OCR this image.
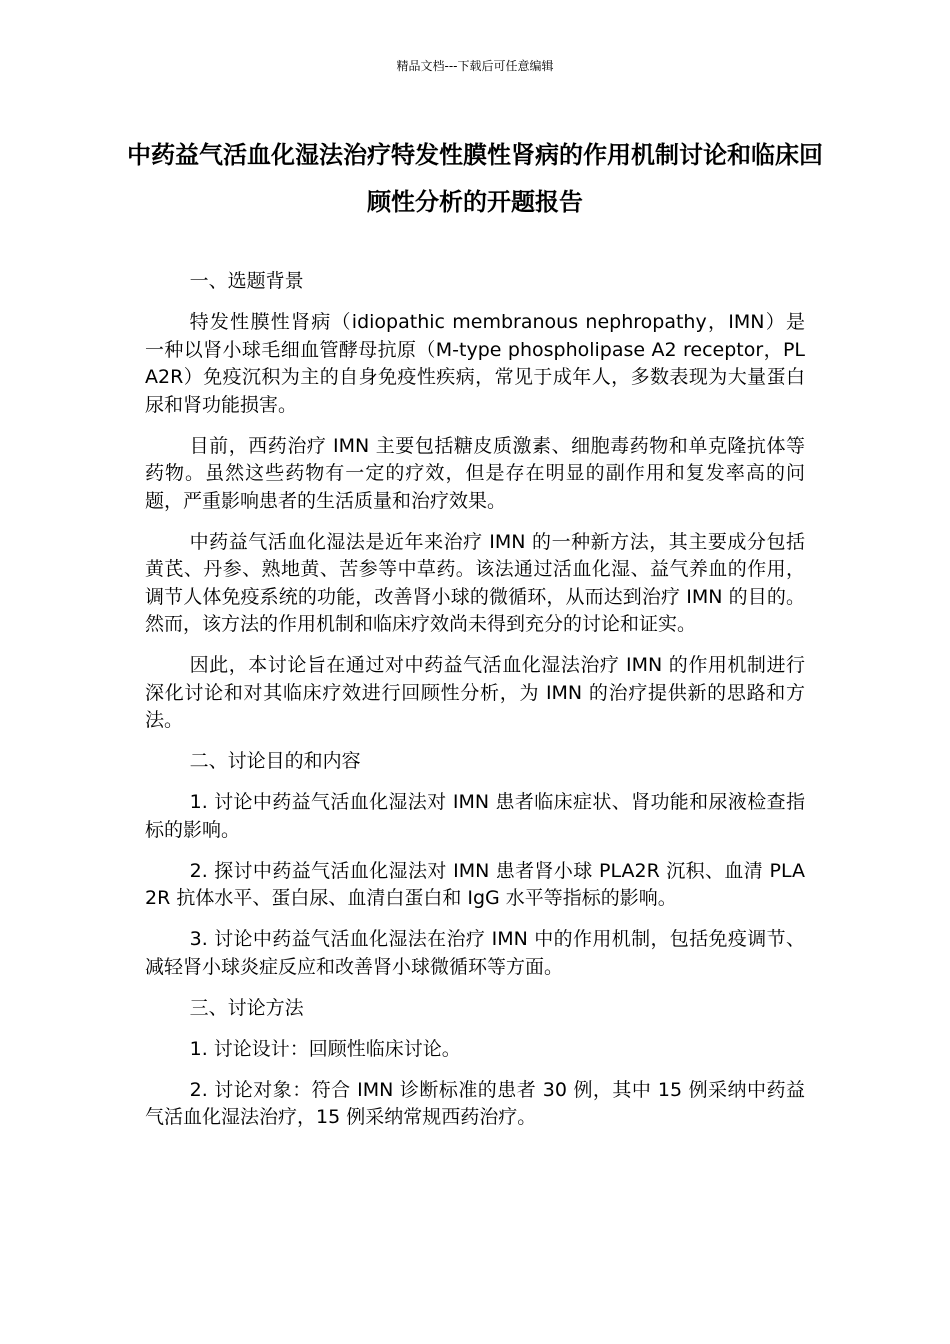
精品文档---下载后可任意编辑
中药益气活血化湿法治疗特发性膜性肾病的作用机制讨论和临床回顾性分析的开题报告

一、选题背景

特发性膜性肾病（idiopathic membranous nephropathy，IMN）是一种以肾小球毛细血管酵母抗原（M-type phospholipase A2 receptor，PLA2R）免疫沉积为主的自身免疫性疾病，常见于成年人，多数表现为大量蛋白尿和肾功能损害。

目前，西药治疗 IMN 主要包括糖皮质激素、细胞毒药物和单克隆抗体等药物。虽然这些药物有一定的疗效，但是存在明显的副作用和复发率高的问题，严重影响患者的生活质量和治疗效果。

中药益气活血化湿法是近年来治疗 IMN 的一种新方法，其主要成分包括黄芪、丹参、熟地黄、苦参等中草药。该法通过活血化湿、益气养血的作用，调节人体免疫系统的功能，改善肾小球的微循环，从而达到治疗 IMN 的目的。然而，该方法的作用机制和临床疗效尚未得到充分的讨论和证实。

因此，本讨论旨在通过对中药益气活血化湿法治疗 IMN 的作用机制进行深化讨论和对其临床疗效进行回顾性分析，为 IMN 的治疗提供新的思路和方法。

二、讨论目的和内容

1. 讨论中药益气活血化湿法对 IMN 患者临床症状、肾功能和尿液检查指标的影响。

2. 探讨中药益气活血化湿法对 IMN 患者肾小球 PLA2R 沉积、血清 PLA2R 抗体水平、蛋白尿、血清白蛋白和 IgG 水平等指标的影响。

3. 讨论中药益气活血化湿法在治疗 IMN 中的作用机制，包括免疫调节、减轻肾小球炎症反应和改善肾小球微循环等方面。

三、讨论方法

1. 讨论设计：回顾性临床讨论。

2. 讨论对象：符合 IMN 诊断标准的患者 30 例，其中 15 例采纳中药益气活血化湿法治疗，15 例采纳常规西药治疗。
